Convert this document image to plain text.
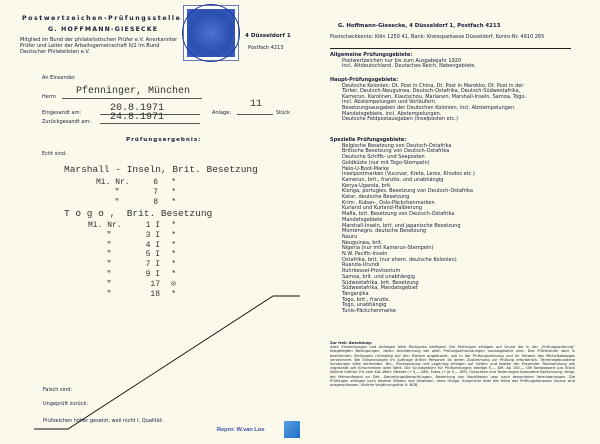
Postwertzeichen-Prüfungsstelle
G. HOFFMANN-GIESECKE
Mitglied im Bund der philatelistischen Prüfer e.V. Anerkannter Prüfer und Leiter der Arbeitsgemeinschaft II/2 im Bund Deutscher Philatelisten e.V.
4 Düsseldorf 1
Postfach 4213
An Einsender
Herrn Pfenninger, München
Eingesandt am:	20.8.1971	Anlage:
11
Stück
Zurückgesandt am: 24.8.1971
Prüfungsergebnis:
Echt sind:
Marshall - Inseln, Brit. Besetzung
Mi. Nr.	6 *
"	7 *
"	8 *
T o g o ,  Brit. Besetzung
Mi. Nr.	1 I *
"	3 I *
"	4 I *
"	5 I *
"	7 I *
"	9 I *
"	17 ⊙
"	18 *
Falsch sind:
Ungeprüft zurück:
Prüfzeichen höher gesetzt, weil nicht I. Qualität:
Repro: W.van Loo
G. Hoffmann-Giesecke, 4 Düsseldorf 1, Postfach 4213
Postscheckkonto: Köln 1250 41, Bank: Kreissparkasse Düsseldorf, Konto-Nr. 4910 265
Allgemeine Prüfungsgebiete:
Postwertzeichen nur bis zum Ausgabejahr 1920
incl. Altdeutschland, Deutsches Reich, Nebengebiete.
Haupt-Prüfungsgebiete:
Deutsche Kolonien: Dt. Post in China, Dt. Post in Marokko, Dt. Post in der
Türkei, Deutsch-Neuguinea, Deutsch-Ostafrika, Deutsch-Südwestafrika,
Kamerun, Karolinen, Kiautschou, Marianen, Marshall-Inseln, Samoa, Togo.
Incl. Abstempelungen und Vorläufern.
Besetzungsausgaben der Deutschen Kolonien, incl. Abstempelungen.
Mandatsgebiete, incl. Abstempelungen.
Deutsche Feldpostausgaben (Inselposten etc.)
Spezielle Prüfungsgebiete:
Belgische Besetzung von Deutsch-Ostafrika
Britische Besetzung von Deutsch-Ostafrika
Deutsche Schiffs- und Seeposten
Goldküste (nur mit Togo-Stempeln)
Helo-U-Boot-Marke
Inselpostmarken (Vucovar, Kreta, Leros, Rhodos etc.)
Kamerun, brit., französ. und unabhängig
Kenya-Uganda, brit.
Kionga, portugies. Besetzung von Deutsch-Ostafrika
Kator, deutsche Besetzung
Krim-, Kuban-, Oslo-Päckchenmarken
Kurland und Kurland-Halbierung
Mafia, brit. Besetzung von Deutsch-Ostafrika
Mandatsgebiete
Marshall-Inseln, brit. und japanische Besetzung
Montenegro, deutsche Besetzung
Nauru
Neuguinea, brit.
Nigeria (nur mit Kamerun-Stempeln)
N.W. Pacific-Inseln
Ostafrika, brit. (nur ehem. deutsche Kolonien)
Ruanda-Urundi
Ruhrkessel-Provisorium
Samoa, brit. und unabhängig
Südwestafrika, brit. Besetzung
Südwestafrika, Mandatsgebiet
Tanganjika
Togo, brit., französ.
Togo, unabhängig
Tunis-Päckchenmarke
Zur freil. Beachtung:
Allen Einsendungen und Anfragen bitte Rückporto beifügen! Die Prüfungen erfolgen auf Grund der in der „Prüfungsordnung“ festgelegten Bedingungen, deren Anerkennung bei allen Prüfungseinsendungen vorausgesetzt wird. Das Prüfzeichen wird in bestimmten Stellungen rückseitig auf den Marken angebracht, wie in der Prüfungsordnung und im Vorwort des Michelkataloges verzeichnet. Bei Einsendungen im Auftrage dritter Personen ist deren Zustimmung zur Prüfung erforderlich. Terminegebundene Sendungen bitte vermeiden. Hin-, Rücksendung und Lagerung erfolgen auf Gefahr und Kosten der Einsender. Rücksendung wie zugesandt per Einschreiben oder Wert. Die Grundgebühr für Prüfsendungen beträgt 5,— DM. Ab 100,— DM Katalogwert pro Stück übliche Gebühr 2% vom Kat.-Wert. Atteste (+ 5,— DM), Fotos (+ je 3,— DM), Gutachten und Taxierungen besondere Berechnung, desgl. bei Mehraufwand an Zeit. Sammlungsüberprüfungen, Bewertung von Nachlässen usw. nach besonderen Vereinbarungen. Die Prüfungen erfolgen nach bestem Wissen und Gewissen, ohne Obligo. Ansprüche über die Höhe des Prüfungshonorars hinaus sind ausgeschlossen. Übliche Verjährungsfrist lt. BGB.
